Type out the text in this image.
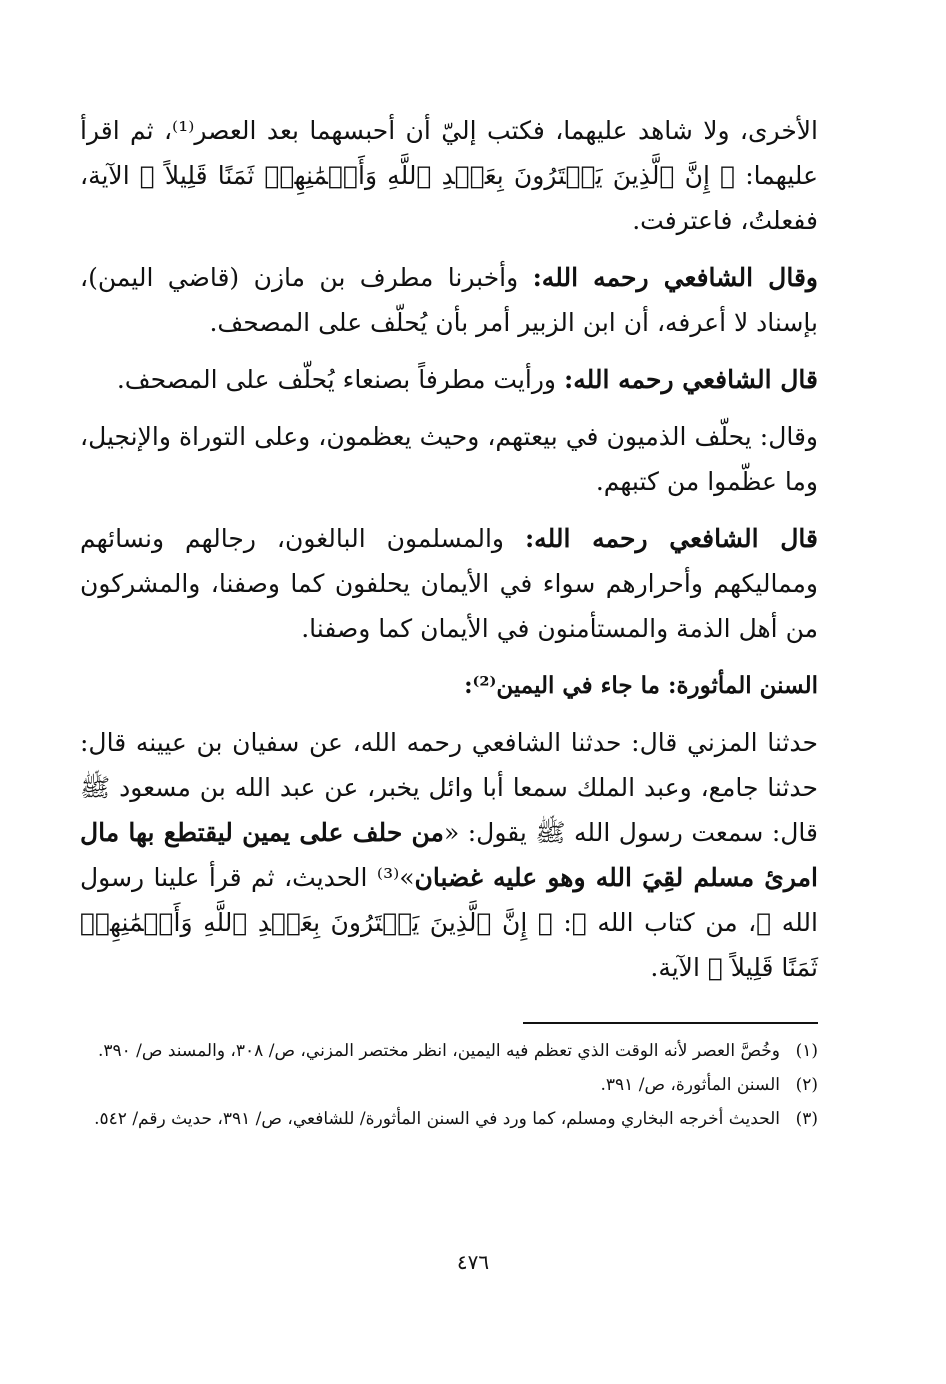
الأخرى، ولا شاهد عليهما، فكتب إليّ أن أحبسهما بعد العصر⁽¹⁾، ثم اقرأ عليهما: ﴿ إِنَّ ٱلَّذِينَ يَشۡتَرُونَ بِعَهۡدِ ٱللَّهِ وَأَيۡمَٰنِهِمۡ ثَمَنًا قَلِيلاً ﴾ الآية، ففعلتُ، فاعترفت.

وقال الشافعي رحمه الله: وأخبرنا مطرف بن مازن (قاضي اليمن)، بإسناد لا أعرفه، أن ابن الزبير أمر بأن يُحلّف على المصحف.

قال الشافعي رحمه الله: ورأيت مطرفاً بصنعاء يُحلّف على المصحف.

وقال: يحلّف الذميون في بيعتهم، وحيث يعظمون، وعلى التوراة والإنجيل، وما عظّموا من كتبهم.

قال الشافعي رحمه الله: والمسلمون البالغون، رجالهم ونسائهم ومماليكهم وأحرارهم سواء في الأيمان يحلفون كما وصفنا، والمشركون من أهل الذمة والمستأمنون في الأيمان كما وصفنا.

السنن المأثورة: ما جاء في اليمين⁽²⁾:

حدثنا المزني قال: حدثنا الشافعي رحمه الله، عن سفيان بن عيينه قال: حدثنا جامع، وعبد الملك سمعا أبا وائل يخبر، عن عبد الله بن مسعود ﷺ قال: سمعت رسول الله ﷺ يقول: «من حلف على يمين ليقتطع بها مال امرئ مسلم لقِيَ الله وهو عليه غضبان»⁽³⁾ الحديث، ثم قرأ علينا رسول الله ﷺ، من كتاب الله ﷻ: ﴿ إِنَّ ٱلَّذِينَ يَشۡتَرُونَ بِعَهۡدِ ٱللَّهِ وَأَيۡمَٰنِهِمۡ ثَمَنًا قَلِيلاً ﴾ الآية.

(١)
وخُصَّ العصر لأنه الوقت الذي تعظم فيه اليمين، انظر مختصر المزني، ص/ ٣٠٨، والمسند ص/ ٣٩٠.
(٢)
السنن المأثورة، ص/ ٣٩١.
(٣)
الحديث أخرجه البخاري ومسلم، كما ورد في السنن المأثورة/ للشافعي، ص/ ٣٩١، حديث رقم/ ٥٤٢.
٤٧٦
